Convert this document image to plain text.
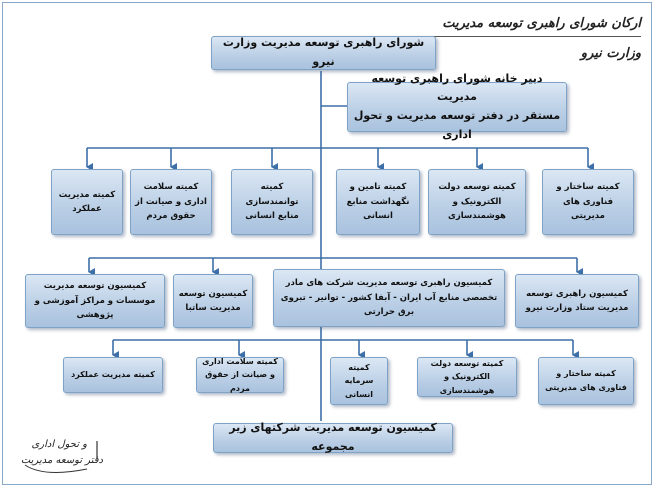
ارکان شورای راهبری توسعه مدیریت وزارت نیرو
شورای راهبری توسعه مدیریت وزارت نیرو
دبیر خانه شورای راهبری توسعه مدیریت
مستقر در دفتر توسعه مدیریت و تحول اداری
کمیته مدیریت عملکرد
کمیته سلامت اداری و صیانت از حقوق مردم
کمیته توانمندسازی منابع انسانی
کمیته تامین و نگهداشت منابع انسانی
کمیته توسعه دولت الکترونیک و هوشمندسازی
کمیته ساختار و فناوری های مدیریتی
کمیسیون توسعه مدیریت موسسات و مراکز آموزشی و پژوهشی
کمیسیون توسعه مدیریت ساتبا
کمیسیون راهبری توسعه مدیریت شرکت های مادر تخصصی منابع آب ایران - آبفا کشور - توانیر - تبروی برق حرارتی
کمیسیون راهبری توسعه مدیریت ستاد وزارت نیرو
کمیته مدیریت عملکرد
کمیته سلامت اداری و صیانت از حقوق مردم
کمیته سرمایه انسانی
کمیته توسعه دولت الکترونیک و هوشمندسازی
کمیته ساختار و فناوری های مدیریتی
کمیسیون توسعه مدیریت شرکتهای زیر مجموعه
و تحول اداری
دفتر توسعه مدیریت
